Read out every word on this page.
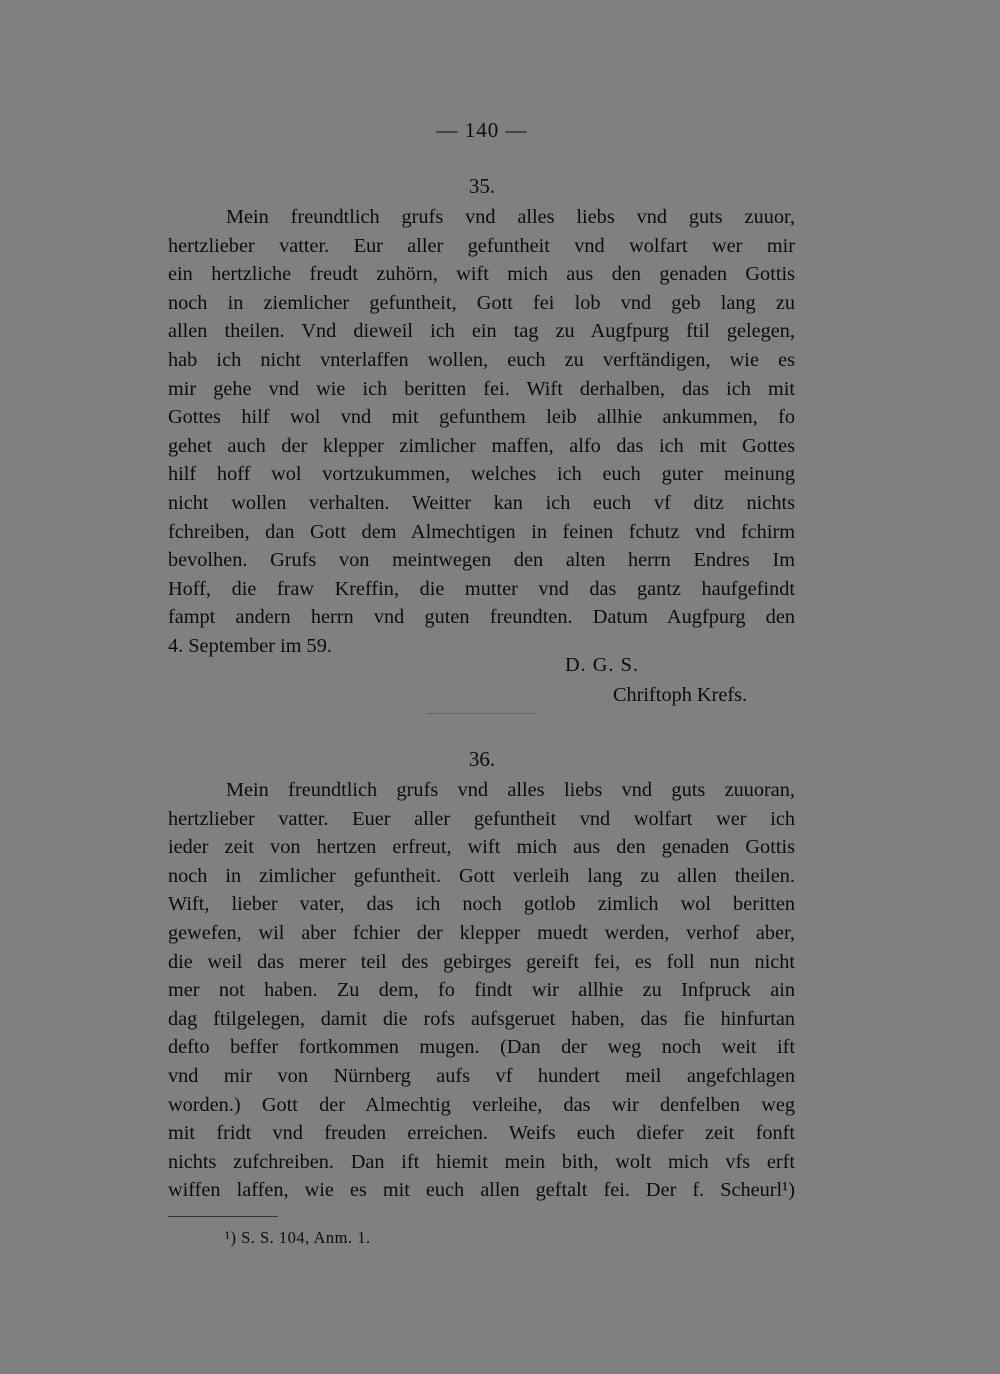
— 140 —
35.
Mein freundtlich grufs vnd alles liebs vnd guts zuuor,
hertzlieber vatter. Eur aller gefuntheit vnd wolfart wer mir
ein hertzliche freudt zuhörn, wift mich aus den genaden Gottis
noch in ziemlicher gefuntheit, Gott fei lob vnd geb lang zu
allen theilen. Vnd dieweil ich ein tag zu Augfpurg ftil gelegen,
hab ich nicht vnterlaffen wollen, euch zu verftändigen, wie es
mir gehe vnd wie ich beritten fei. Wift derhalben, das ich mit
Gottes hilf wol vnd mit gefunthem leib allhie ankummen, fo
gehet auch der klepper zimlicher maffen, alfo das ich mit Gottes
hilf hoff wol vortzukummen, welches ich euch guter meinung
nicht wollen verhalten. Weitter kan ich euch vf ditz nichts
fchreiben, dan Gott dem Almechtigen in feinen fchutz vnd fchirm
bevolhen. Grufs von meintwegen den alten herrn Endres Im
Hoff, die fraw Kreffin, die mutter vnd das gantz haufgefindt
fampt andern herrn vnd guten freundten. Datum Augfpurg den
4. September im 59.
D. G. S.
Chriftoph Krefs.
36.
Mein freundtlich grufs vnd alles liebs vnd guts zuuoran,
hertzlieber vatter. Euer aller gefuntheit vnd wolfart wer ich
ieder zeit von hertzen erfreut, wift mich aus den genaden Gottis
noch in zimlicher gefuntheit. Gott verleih lang zu allen theilen.
Wift, lieber vater, das ich noch gotlob zimlich wol beritten
gewefen, wil aber fchier der klepper muedt werden, verhof aber,
die weil das merer teil des gebirges gereift fei, es foll nun nicht
mer not haben. Zu dem, fo findt wir allhie zu Infpruck ain
dag ftilgelegen, damit die rofs aufsgeruet haben, das fie hinfurtan
defto beffer fortkommen mugen. (Dan der weg noch weit ift
vnd mir von Nürnberg aufs vf hundert meil angefchlagen
worden.) Gott der Almechtig verleihe, das wir denfelben weg
mit fridt vnd freuden erreichen. Weifs euch diefer zeit fonft
nichts zufchreiben. Dan ift hiemit mein bith, wolt mich vfs erft
wiffen laffen, wie es mit euch allen geftalt fei. Der f. Scheurl¹)
¹) S. S. 104, Anm. 1.
